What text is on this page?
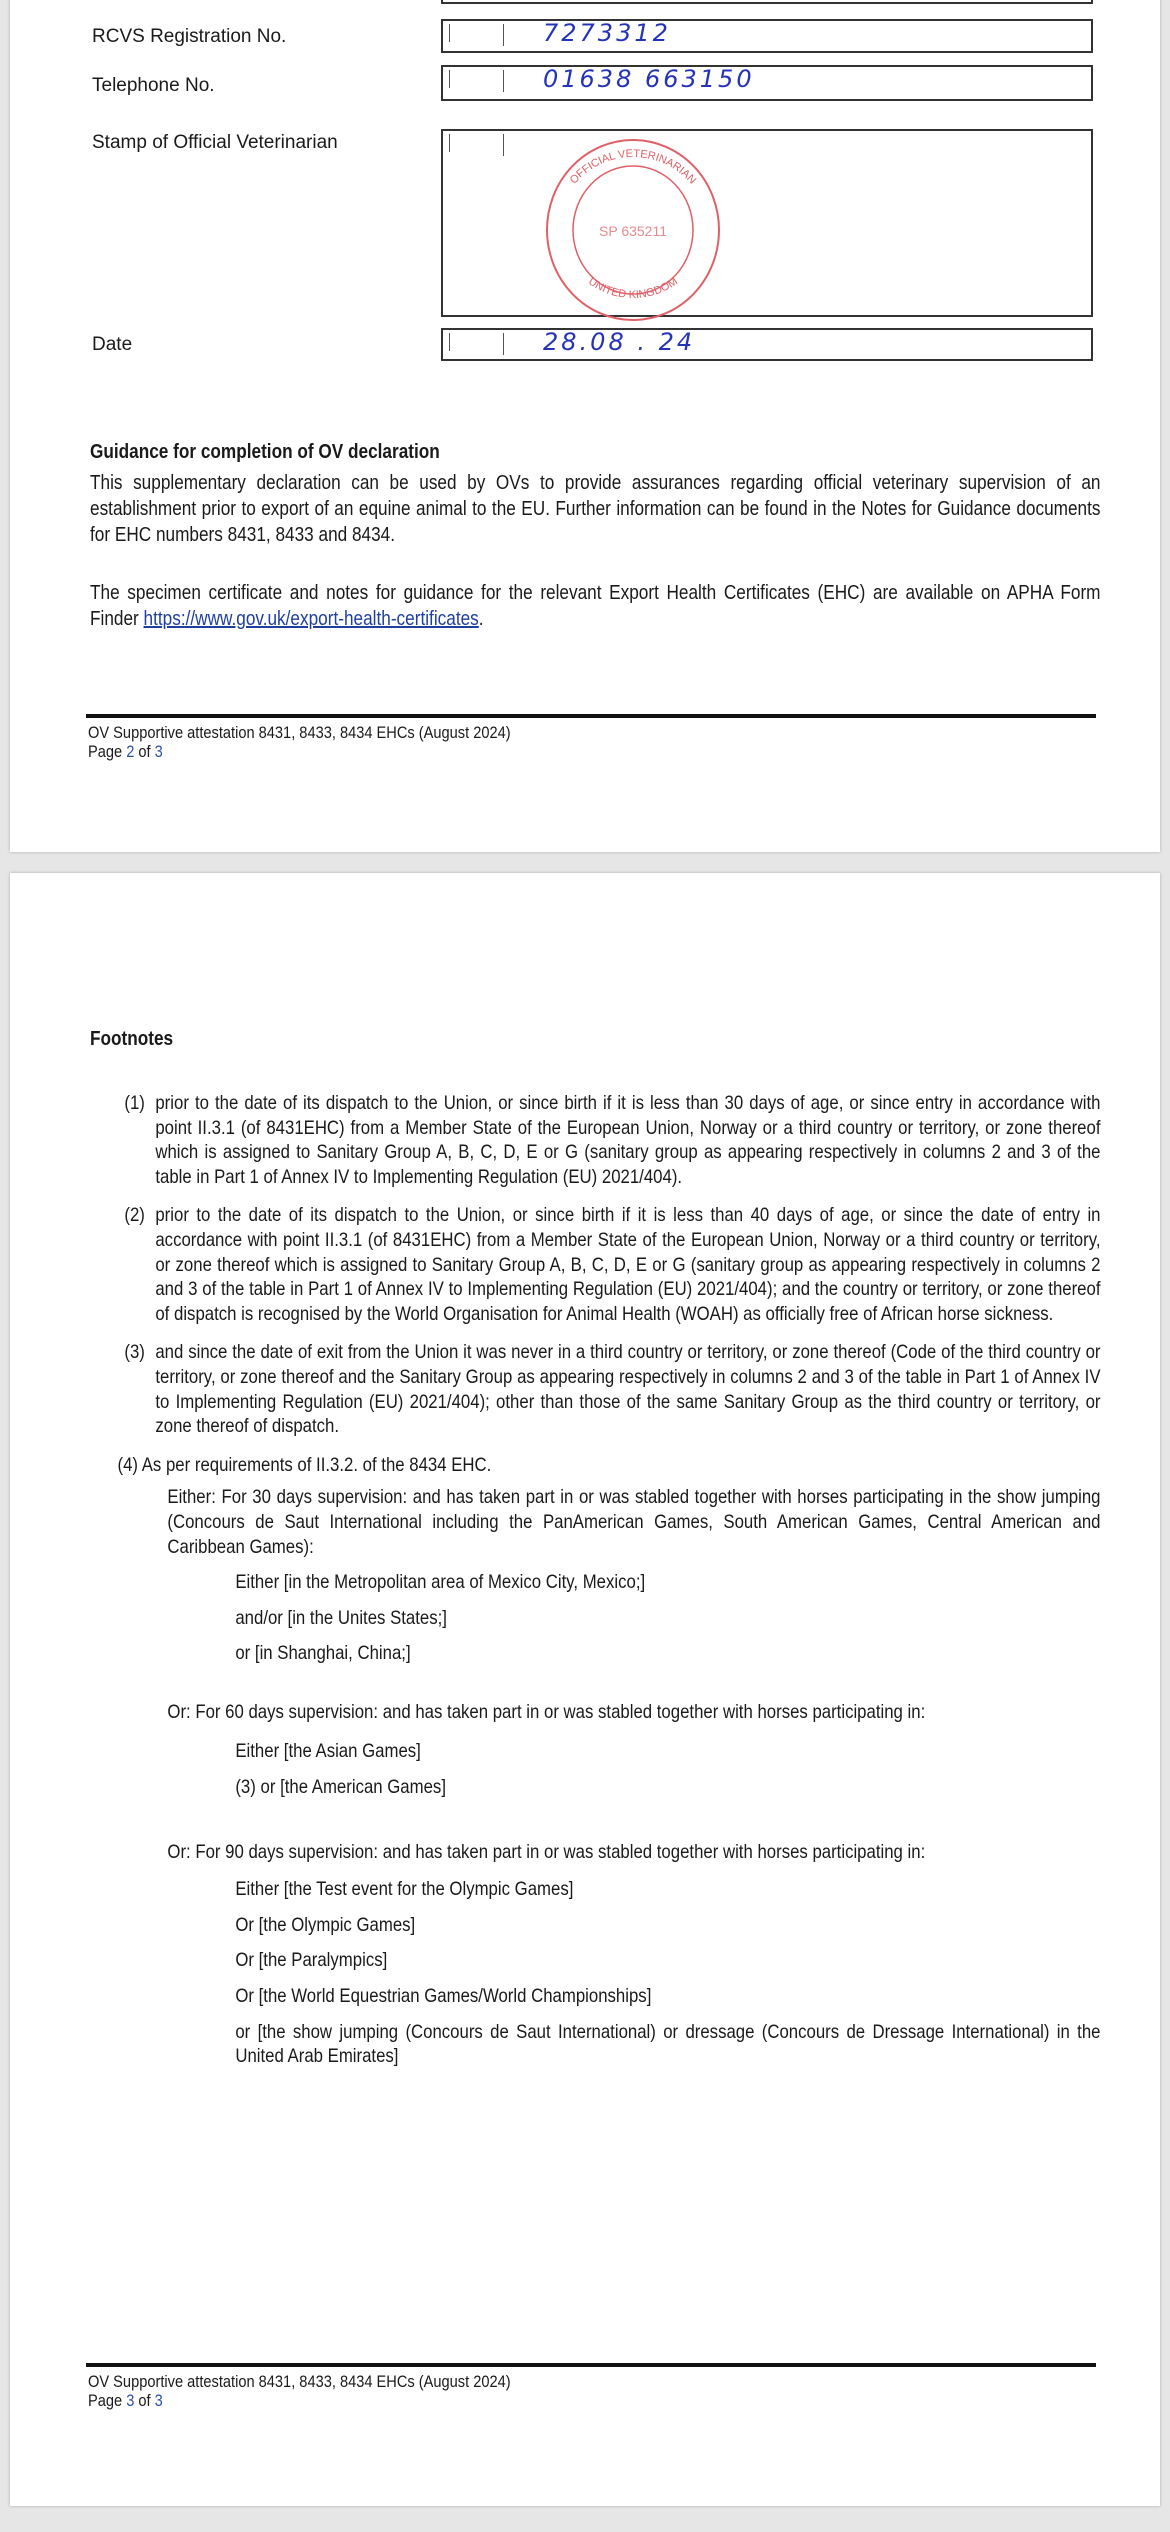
RCVS Registration No.	7273312
Telephone No.	01638 663150
Stamp of Official Veterinarian
OFFICIAL VETERINARIAN
UNITED KINGDOM
SP 635211
Date	28.08 . 24

Guidance for completion of OV declaration

This supplementary declaration can be used by OVs to provide assurances regarding official veterinary supervision of an establishment prior to export of an equine animal to the EU. Further information can be found in the Notes for Guidance documents for EHC numbers 8431, 8433 and 8434.

The specimen certificate and notes for guidance for the relevant Export Health Certificates (EHC) are available on APHA Form Finder https://www.gov.uk/export-health-certificates.

OV Supportive attestation 8431, 8433, 8434 EHCs (August 2024)
Page 2 of 3

Footnotes

(1) prior to the date of its dispatch to the Union, or since birth if it is less than 30 days of age, or since entry in accordance with point II.3.1 (of 8431EHC) from a Member State of the European Union, Norway or a third country or territory, or zone thereof which is assigned to Sanitary Group A, B, C, D, E or G (sanitary group as appearing respectively in columns 2 and 3 of the table in Part 1 of Annex IV to Implementing Regulation (EU) 2021/404).
(2) prior to the date of its dispatch to the Union, or since birth if it is less than 40 days of age, or since the date of entry in accordance with point II.3.1 (of 8431EHC) from a Member State of the European Union, Norway or a third country or territory, or zone thereof which is assigned to Sanitary Group A, B, C, D, E or G (sanitary group as appearing respectively in columns 2 and 3 of the table in Part 1 of Annex IV to Implementing Regulation (EU) 2021/404); and the country or territory, or zone thereof of dispatch is recognised by the World Organisation for Animal Health (WOAH) as officially free of African horse sickness.
(3) and since the date of exit from the Union it was never in a third country or territory, or zone thereof (Code of the third country or territory, or zone thereof and the Sanitary Group as appearing respectively in columns 2 and 3 of the table in Part 1 of Annex IV to Implementing Regulation (EU) 2021/404); other than those of the same Sanitary Group as the third country or territory, or zone thereof of dispatch.

(4) As per requirements of II.3.2. of the 8434 EHC.

Either: For 30 days supervision: and has taken part in or was stabled together with horses participating in the show jumping (Concours de Saut International including the PanAmerican Games, South American Games, Central American and Caribbean Games):

Either [in the Metropolitan area of Mexico City, Mexico;]

and/or [in the Unites States;]

or [in Shanghai, China;]

Or: For 60 days supervision: and has taken part in or was stabled together with horses participating in:

Either [the Asian Games]

(3) or [the American Games]

Or: For 90 days supervision: and has taken part in or was stabled together with horses participating in:

Either [the Test event for the Olympic Games]

Or [the Olympic Games]

Or [the Paralympics]

Or [the World Equestrian Games/World Championships]

or [the show jumping (Concours de Saut International) or dressage (Concours de Dressage International) in the United Arab Emirates]

OV Supportive attestation 8431, 8433, 8434 EHCs (August 2024)
Page 3 of 3
